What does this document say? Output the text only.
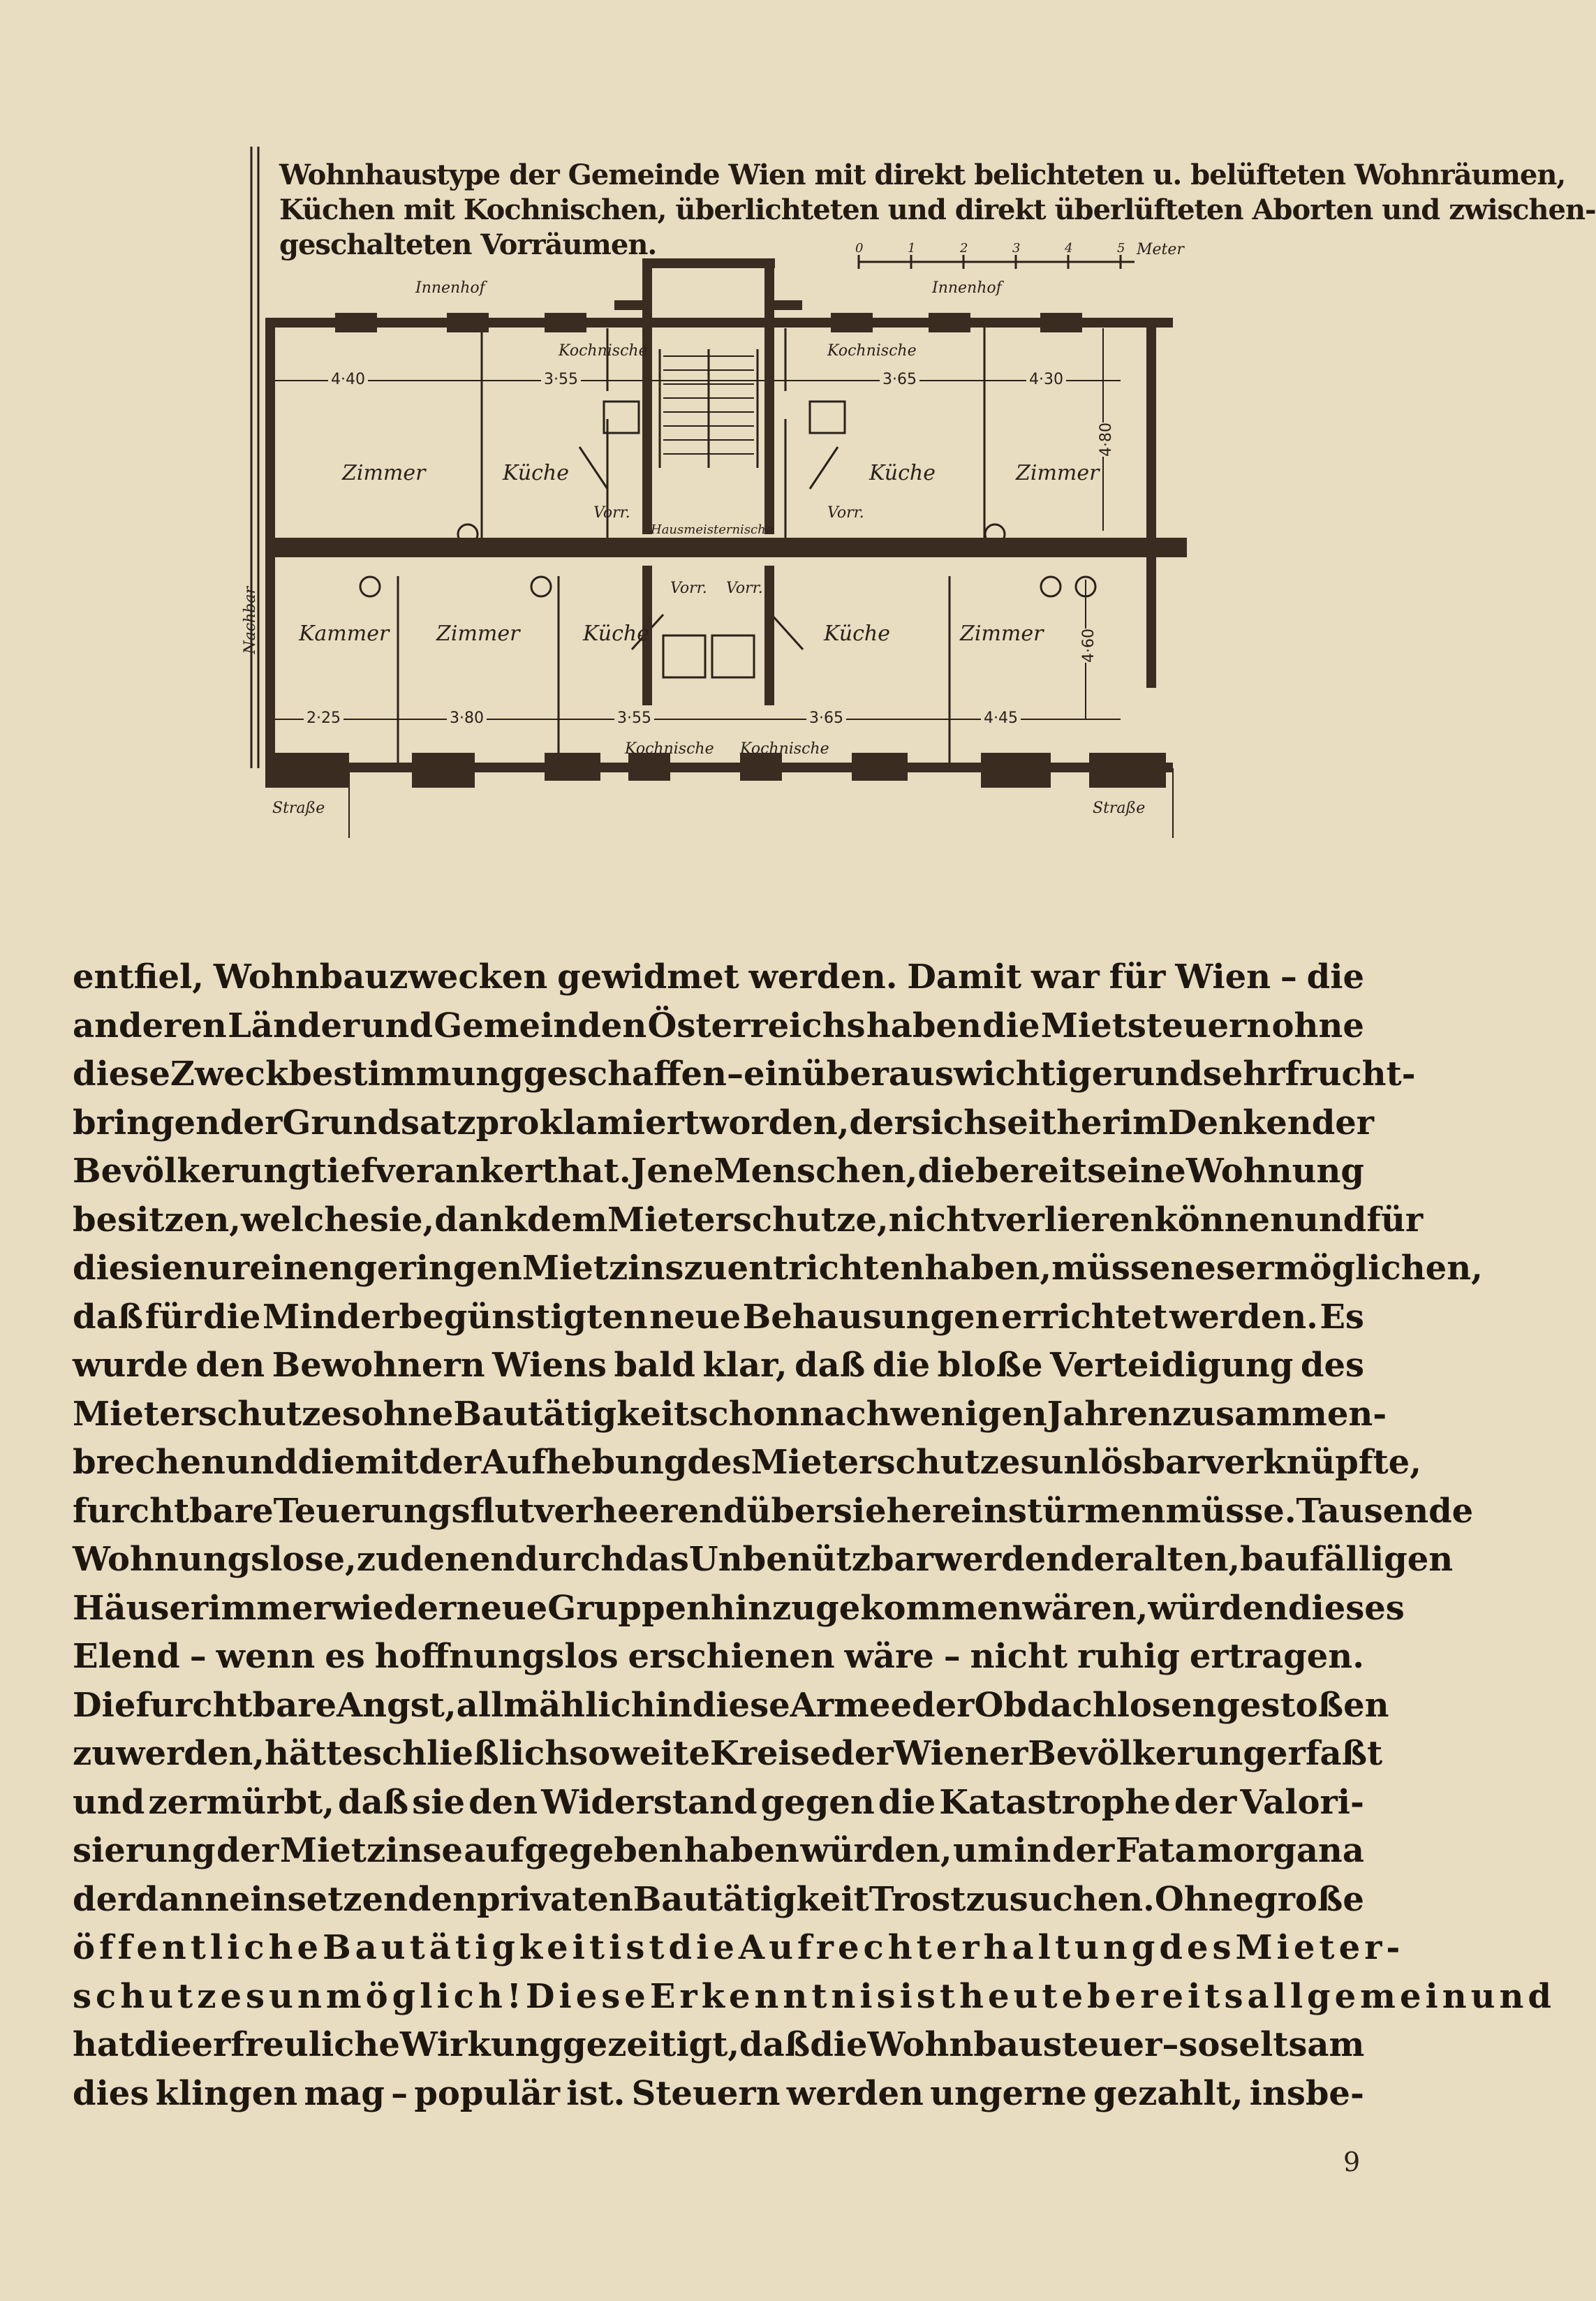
Wohnhaustype der Gemeinde Wien mit direkt belichteten u. belüfteten Wohnräumen,
Küchen mit Kochnischen, überlichteten und direkt überlüfteten Aborten und zwischen-
geschalteten Vorräumen.	Meter
0	1	2	3	4	5
Innenhof	Innenhof
Nachbar
4·40	3·55	3·65	4·30
4·80
Zimmer	Küche	Küche	Zimmer
Kochnische	Kochnische
Vorr.	Vorr.
Hausmeisternische
Kammer Zimmer	Küche	Küche	Zimmer
Vorr. Vorr.
Kochnische Kochnische
2·25	3·80	3·55	3·65	4·45
4·60
Straße	Straße
entfiel, Wohnbauzwecken gewidmet werden. Damit war für Wien – die
anderen Länder und Gemeinden Österreichs haben die Mietsteuern ohne
diese Zweckbestimmung geschaffen – ein überaus wichtiger und sehr frucht-
bringender Grundsatz proklamiert worden, der sich seither im Denken der
Bevölkerung tief verankert hat. Jene Menschen, die bereits eine Wohnung
besitzen, welche sie, dank dem Mieterschutze, nicht verlieren können und für
die sie nur einen geringen Mietzins zu entrichten haben, müssen es ermöglichen,
daß für die Minderbegünstigten neue Behausungen errichtet werden. Es
wurde den Bewohnern Wiens bald klar, daß die bloße Verteidigung des
Mieterschutzes ohne Bautätigkeit schon nach wenigen Jahren zusammen-
brechen und die mit der Aufhebung des Mieterschutzes unlösbar verknüpfte,
furchtbare Teuerungsflut verheerend über sie hereinstürmen müsse. Tausende
Wohnungslose, zu denen durch das Unbenützbarwerden der alten, baufälligen
Häuser immer wieder neue Gruppen hinzugekommen wären, würden dieses
Elend – wenn es hoffnungslos erschienen wäre – nicht ruhig ertragen.
Die furchtbare Angst, allmählich in diese Armee der Obdachlosen gestoßen
zu werden, hätte schließlich so weite Kreise der Wiener Bevölkerung erfaßt
und zermürbt, daß sie den Widerstand gegen die Katastrophe der Valori-
sierung der Mietzinse aufgegeben haben würden, um in der Fata morgana
der dann einsetzenden privaten Bautätigkeit Trost zu suchen. Ohne große
öffentliche Bautätigkeit ist die Aufrechterhaltung des Mieter-
schutzes unmöglich! Diese Erkenntnis ist heute bereits allgemein und
hat die erfreuliche Wirkung gezeitigt, daß die Wohnbausteuer – so seltsam
dies klingen mag – populär ist. Steuern werden ungerne gezahlt, insbe-
9
